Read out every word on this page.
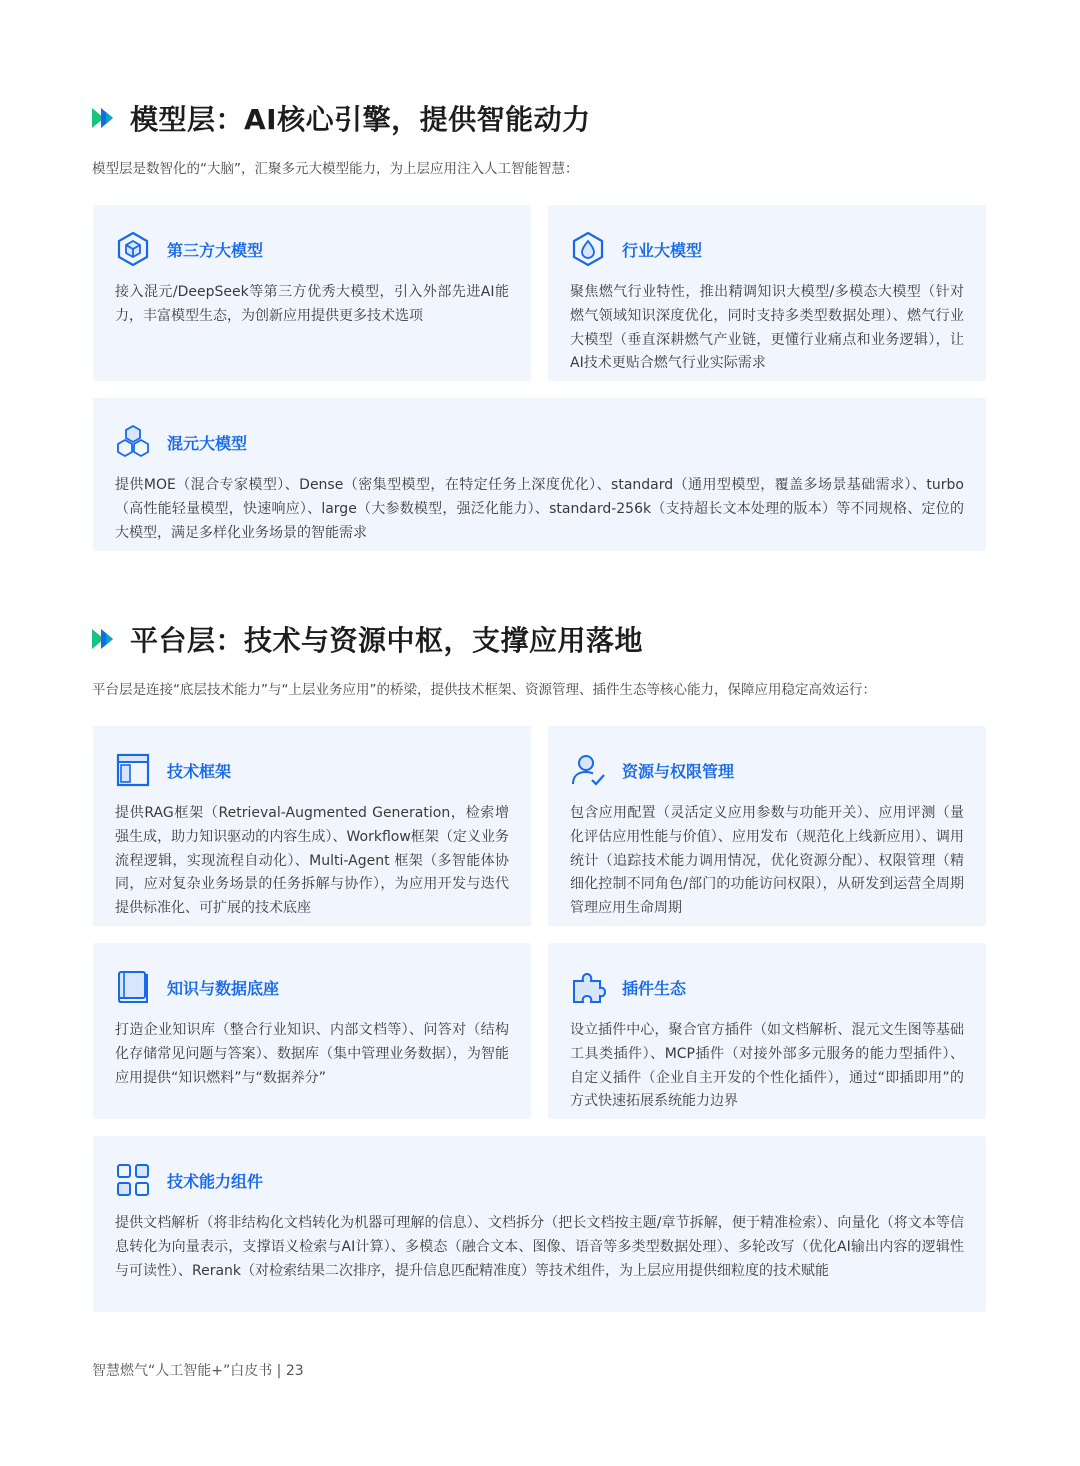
模型层：AI核心引擎，提供智能动力
模型层是数智化的“大脑”，汇聚多元大模型能力，为上层应用注入人工智能智慧：
第三方大模型
接入混元/DeepSeek等第三方优秀大模型，引入外部先进AI能力，丰富模型生态，为创新应用提供更多技术选项
行业大模型
聚焦燃气行业特性，推出精调知识大模型/多模态大模型（针对燃气领域知识深度优化，同时支持多类型数据处理）、燃气行业大模型（垂直深耕燃气产业链，更懂行业痛点和业务逻辑），让AI技术更贴合燃气行业实际需求
混元大模型
提供MOE（混合专家模型）、Dense（密集型模型，在特定任务上深度优化）、standard（通用型模型，覆盖多场景基础需求）、turbo（高性能轻量模型，快速响应）、large（大参数模型，强泛化能力）、standard-256k（支持超长文本处理的版本）等不同规格、定位的大模型，满足多样化业务场景的智能需求
平台层：技术与资源中枢，支撑应用落地
平台层是连接“底层技术能力”与“上层业务应用”的桥梁，提供技术框架、资源管理、插件生态等核心能力，保障应用稳定高效运行：
技术框架
提供RAG框架（Retrieval-Augmented Generation，检索增强生成，助力知识驱动的内容生成）、Workflow框架（定义业务流程逻辑，实现流程自动化）、Multi-Agent 框架（多智能体协同，应对复杂业务场景的任务拆解与协作），为应用开发与迭代提供标准化、可扩展的技术底座
资源与权限管理
包含应用配置（灵活定义应用参数与功能开关）、应用评测（量化评估应用性能与价值）、应用发布（规范化上线新应用）、调用统计（追踪技术能力调用情况，优化资源分配）、权限管理（精细化控制不同角色/部门的功能访问权限），从研发到运营全周期管理应用生命周期
知识与数据底座
打造企业知识库（整合行业知识、内部文档等）、问答对（结构化存储常见问题与答案）、数据库（集中管理业务数据），为智能应用提供“知识燃料”与“数据养分”
插件生态
设立插件中心，聚合官方插件（如文档解析、混元文生图等基础工具类插件）、MCP插件（对接外部多元服务的能力型插件）、自定义插件（企业自主开发的个性化插件），通过“即插即用”的方式快速拓展系统能力边界
技术能力组件
提供文档解析（将非结构化文档转化为机器可理解的信息）、文档拆分（把长文档按主题/章节拆解，便于精准检索）、向量化（将文本等信息转化为向量表示，支撑语义检索与AI计算）、多模态（融合文本、图像、语音等多类型数据处理）、多轮改写（优化AI输出内容的逻辑性与可读性）、Rerank（对检索结果二次排序，提升信息匹配精准度）等技术组件，为上层应用提供细粒度的技术赋能
智慧燃气“人工智能+”白皮书 | 23
